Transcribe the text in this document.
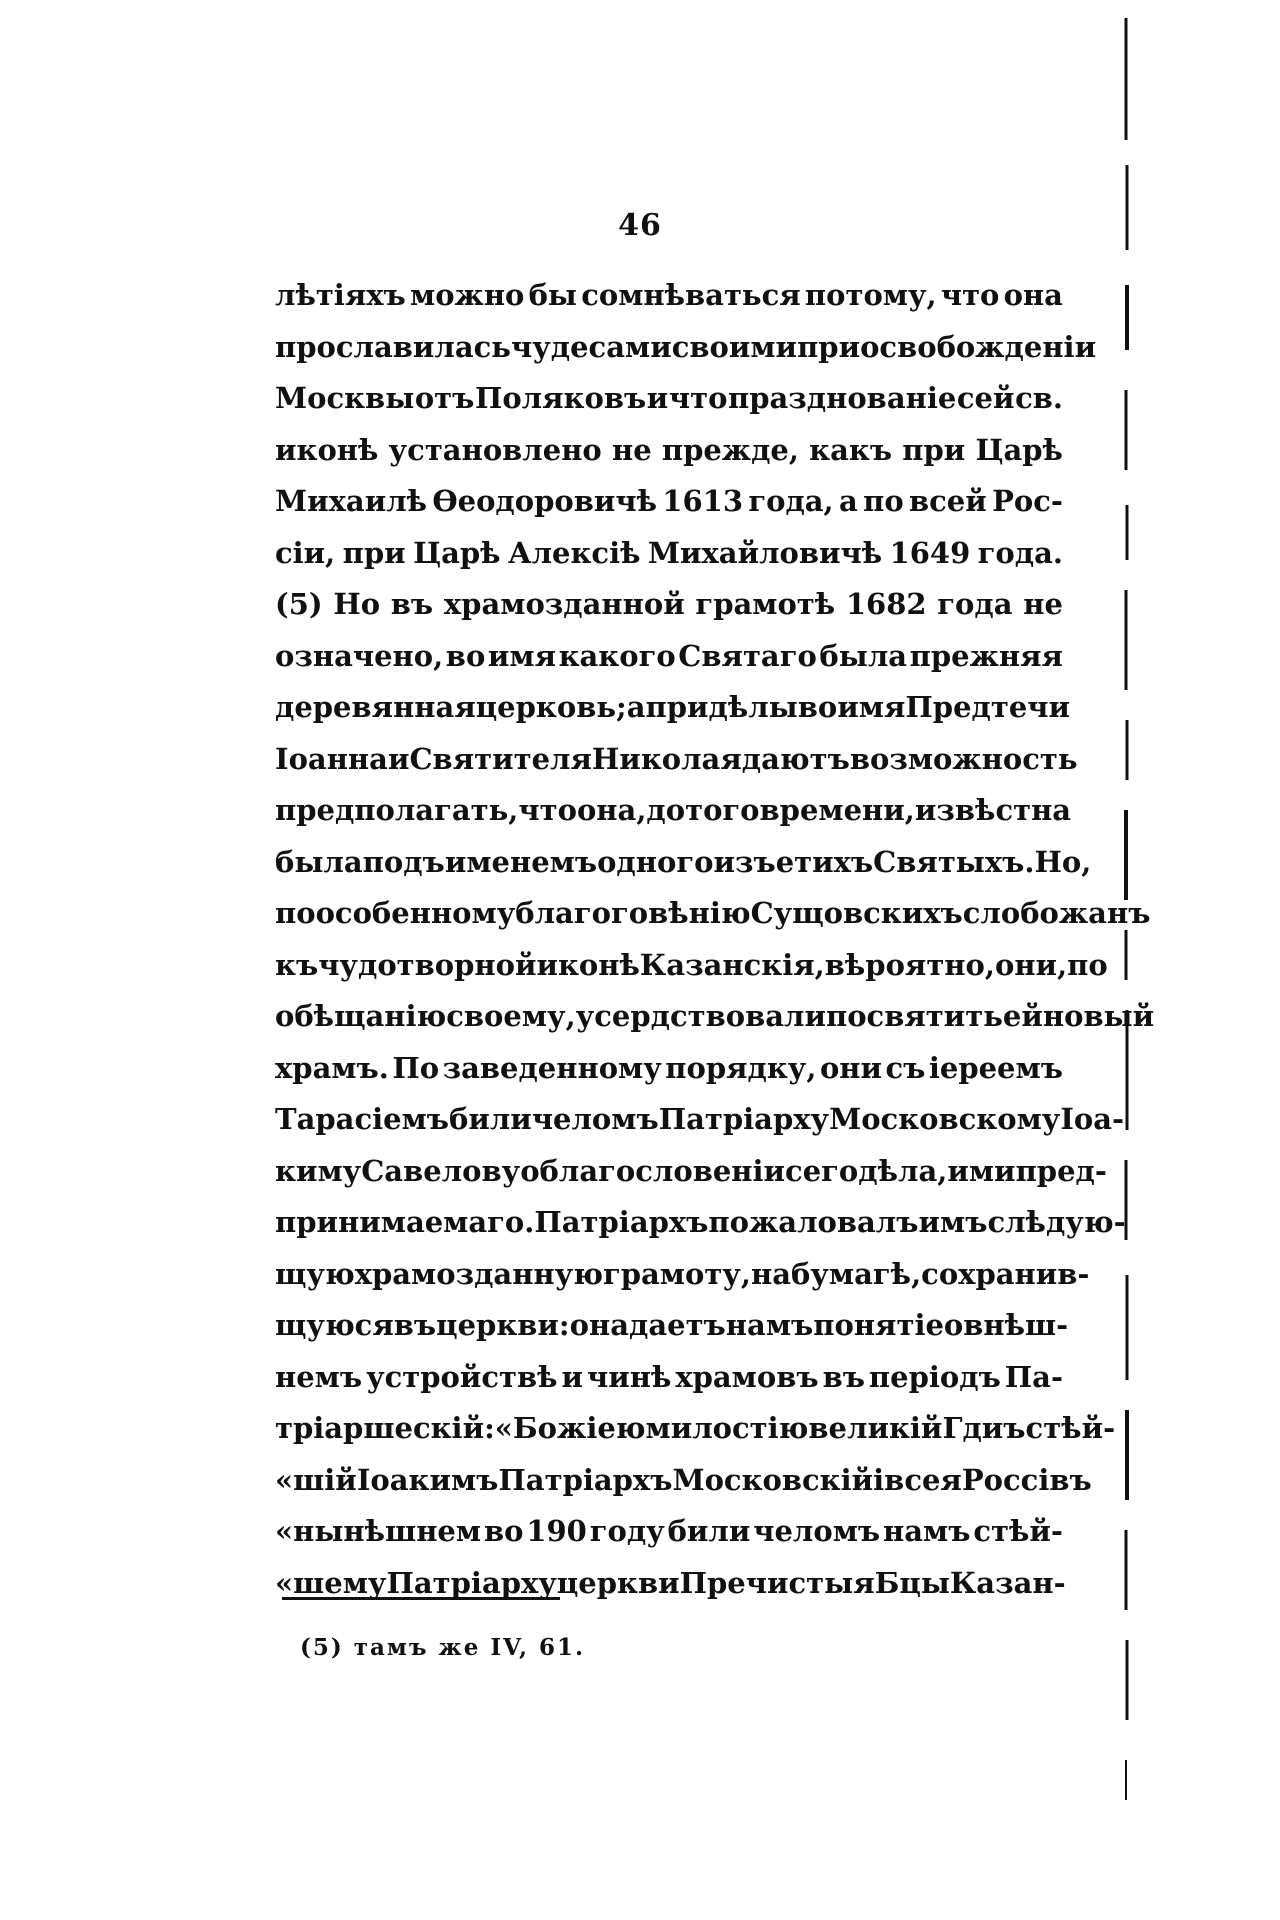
46
лѣтіяхъ можно бы сомнѣваться потому, что она
прославилась чудесами своими при освобожденіи
Москвы отъ Поляковъ и что празднованіе сей св.
иконѣ установлено не прежде, какъ при Царѣ
Михаилѣ Ѳеодоровичѣ 1613 года, а по всей Рос-
сіи, при Царѣ Алексіѣ Михайловичѣ 1649 года.
(5) Но въ храмозданной грамотѣ 1682 года не
означено, во имя какого Святаго была прежняя
деревянная церковь; а придѣлы во имя Предтечи
Іоанна и Святителя Николая даютъ возможность
предполагать, что она, до того времени, извѣстна
была подъ именемъ одного изъ етихъ Святыхъ. Но,
по особенному благоговѣнію Сущовскихъ слобожанъ
къ чудотворной иконѣ Казанскія, вѣроятно, они, по
обѣщанію своему, усердствовали посвятить ей новый
храмъ. По заведенному порядку, они съ іереемъ
Тарасіемъ били челомъ Патріарху Московскому Іоа-
киму Савелову о благословеніи сего дѣла, ими пред-
принимаемаго. Патріархъ пожаловалъ имъ слѣдую-
щую храмозданную грамоту, на бумагѣ, сохранив-
щуюся въ церкви: она даетъ намъ понятіе о внѣш-
немъ устройствѣ и чинѣ храмовъ въ періодъ Па-
тріаршескій: «Божіею милостію великій Гдиъ стѣй-
«шій Іоакимъ Патріархъ Московскій і всея Россі въ
«нынѣшнем во 190 году били челомъ намъ стѣй-
«шему Патріарху церкви Пречистыя Бцы Казан-
(5) тамъ же IV, 61.
